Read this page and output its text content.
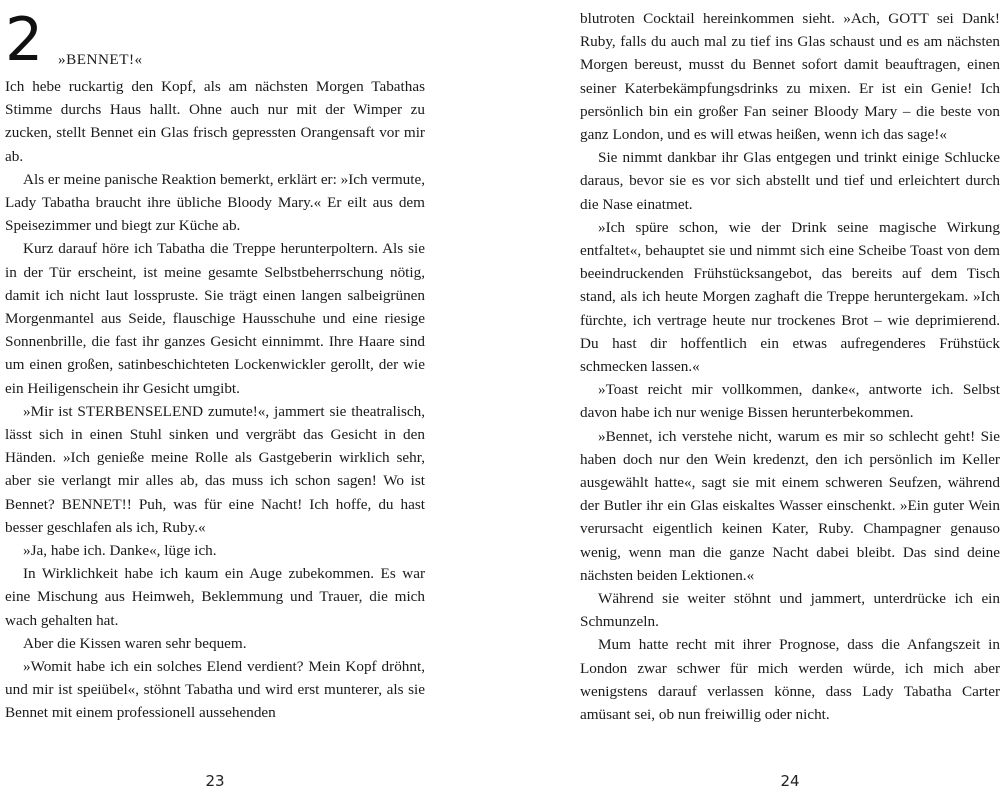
2 »BENNET!«

Ich hebe ruckartig den Kopf, als am nächsten Morgen Tabathas Stimme durchs Haus hallt. Ohne auch nur mit der Wimper zu zucken, stellt Bennet ein Glas frisch gepressten Orangensaft vor mir ab.

Als er meine panische Reaktion bemerkt, erklärt er: »Ich vermute, Lady Tabatha braucht ihre übliche Bloody Mary.« Er eilt aus dem Speisezimmer und biegt zur Küche ab.

Kurz darauf höre ich Tabatha die Treppe herunterpoltern. Als sie in der Tür erscheint, ist meine gesamte Selbstbeherrschung nötig, damit ich nicht laut losspruste. Sie trägt einen langen salbeigrünen Morgenmantel aus Seide, flauschige Hausschuhe und eine riesige Sonnenbrille, die fast ihr ganzes Gesicht einnimmt. Ihre Haare sind um einen großen, satinbeschichteten Lockenwickler gerollt, der wie ein Heiligenschein ihr Gesicht umgibt.

»Mir ist STERBENSELEND zumute!«, jammert sie theatralisch, lässt sich in einen Stuhl sinken und vergräbt das Gesicht in den Händen. »Ich genieße meine Rolle als Gastgeberin wirklich sehr, aber sie verlangt mir alles ab, das muss ich schon sagen! Wo ist Bennet? BENNET!! Puh, was für eine Nacht! Ich hoffe, du hast besser geschlafen als ich, Ruby.«

»Ja, habe ich. Danke«, lüge ich.

In Wirklichkeit habe ich kaum ein Auge zubekommen. Es war eine Mischung aus Heimweh, Beklemmung und Trauer, die mich wach gehalten hat.

Aber die Kissen waren sehr bequem.

»Womit habe ich ein solches Elend verdient? Mein Kopf dröhnt, und mir ist speiübel«, stöhnt Tabatha und wird erst munterer, als sie Bennet mit einem professionell aussehenden

23

blutroten Cocktail hereinkommen sieht. »Ach, GOTT sei Dank! Ruby, falls du auch mal zu tief ins Glas schaust und es am nächsten Morgen bereust, musst du Bennet sofort damit beauftragen, einen seiner Katerbekämpfungsdrinks zu mixen. Er ist ein Genie! Ich persönlich bin ein großer Fan seiner Bloody Mary – die beste von ganz London, und es will etwas heißen, wenn ich das sage!«

Sie nimmt dankbar ihr Glas entgegen und trinkt einige Schlucke daraus, bevor sie es vor sich abstellt und tief und erleichtert durch die Nase einatmet.

»Ich spüre schon, wie der Drink seine magische Wirkung entfaltet«, behauptet sie und nimmt sich eine Scheibe Toast von dem beeindruckenden Frühstücksangebot, das bereits auf dem Tisch stand, als ich heute Morgen zaghaft die Treppe heruntergekam. »Ich fürchte, ich vertrage heute nur trockenes Brot – wie deprimierend. Du hast dir hoffentlich ein etwas aufregenderes Frühstück schmecken lassen.«

»Toast reicht mir vollkommen, danke«, antworte ich. Selbst davon habe ich nur wenige Bissen herunterbekommen.

»Bennet, ich verstehe nicht, warum es mir so schlecht geht! Sie haben doch nur den Wein kredenzt, den ich persönlich im Keller ausgewählt hatte«, sagt sie mit einem schweren Seufzen, während der Butler ihr ein Glas eiskaltes Wasser einschenkt. »Ein guter Wein verursacht eigentlich keinen Kater, Ruby. Champagner genauso wenig, wenn man die ganze Nacht dabei bleibt. Das sind deine nächsten beiden Lektionen.«

Während sie weiter stöhnt und jammert, unterdrücke ich ein Schmunzeln.

Mum hatte recht mit ihrer Prognose, dass die Anfangszeit in London zwar schwer für mich werden würde, ich mich aber wenigstens darauf verlassen könne, dass Lady Tabatha Carter amüsant sei, ob nun freiwillig oder nicht.

24
